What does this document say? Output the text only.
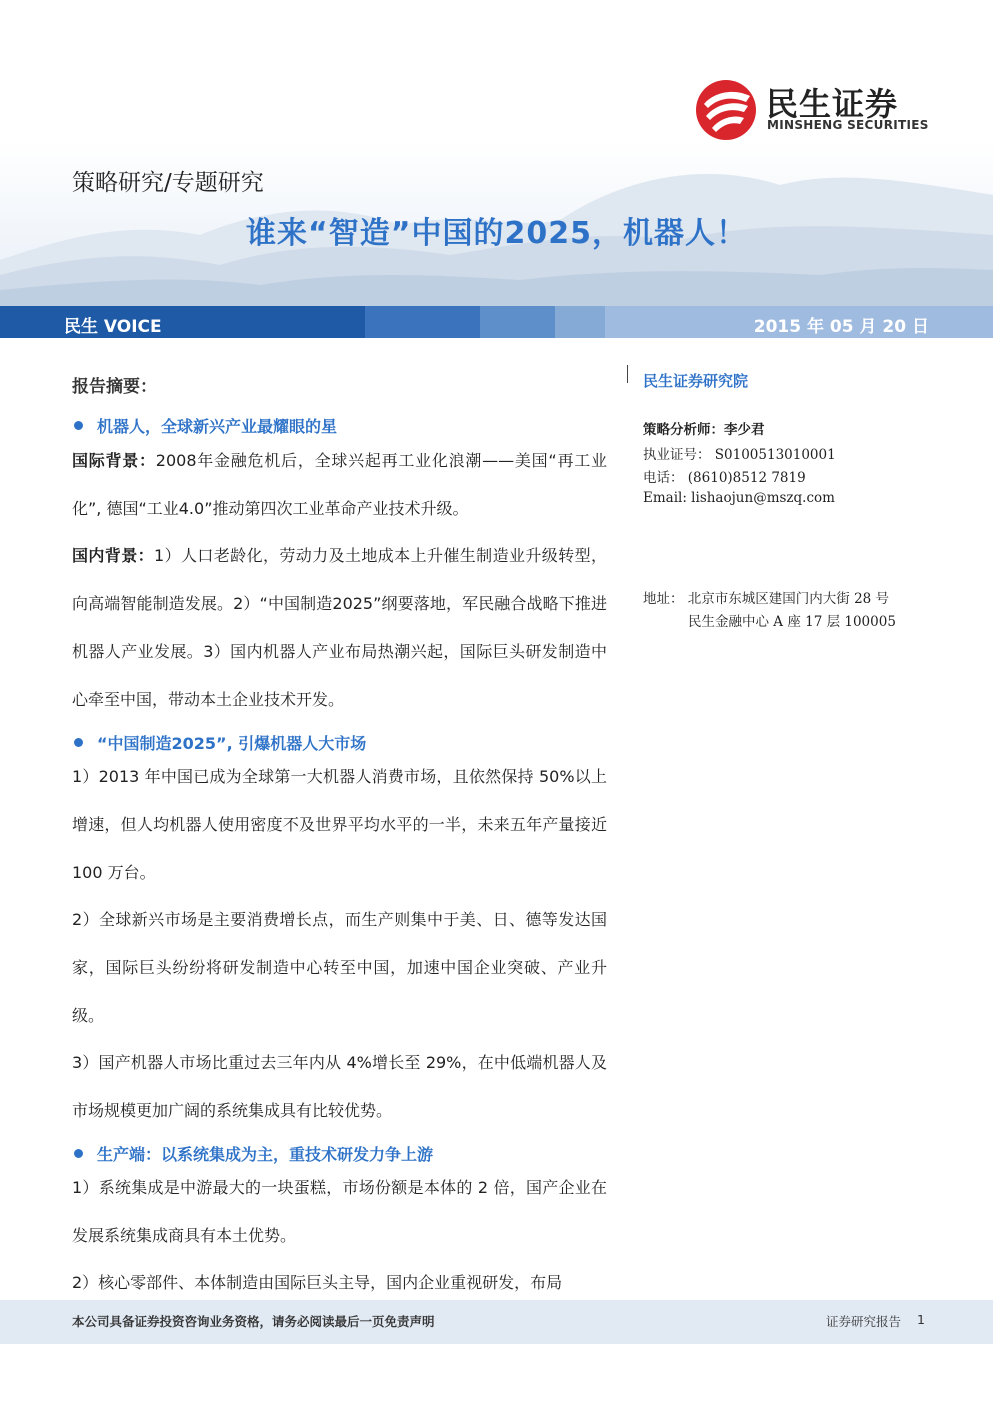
民生证券
MINSHENG SECURITIES
策略研究/专题研究
谁来“智造”中国的2025，机器人！
民生 VOICE	2015 年 05 月 20 日
报告摘要：
机器人，全球新兴产业最耀眼的星
国际背景：2008年金融危机后，全球兴起再工业化浪潮——美国“再工业化”, 德国“工业4.0”推动第四次工业革命产业技术升级。
国内背景：1）人口老龄化，劳动力及土地成本上升催生制造业升级转型，向高端智能制造发展。2）“中国制造2025”纲要落地，军民融合战略下推进机器人产业发展。3）国内机器人产业布局热潮兴起，国际巨头研发制造中心牵至中国，带动本土企业技术开发。
“中国制造2025”, 引爆机器人大市场
1）2013 年中国已成为全球第一大机器人消费市场，且依然保持 50%以上增速，但人均机器人使用密度不及世界平均水平的一半，未来五年产量接近 100 万台。
2）全球新兴市场是主要消费增长点，而生产则集中于美、日、德等发达国家，国际巨头纷纷将研发制造中心转至中国，加速中国企业突破、产业升级。
3）国产机器人市场比重过去三年内从 4%增长至 29%，在中低端机器人及市场规模更加广阔的系统集成具有比较优势。
生产端：以系统集成为主，重技术研发力争上游
1）系统集成是中游最大的一块蛋糕，市场份额是本体的 2 倍，国产企业在发展系统集成商具有本土优势。
2）核心零部件、本体制造由国际巨头主导，国内企业重视研发，布局
民生证券研究院
策略分析师：李少君
执业证号： S0100513010001
电话： (8610)8512 7819
Email: lishaojun@mszq.com
地址： 北京市东城区建国门内大街 28 号
民生金融中心 A 座 17 层 100005
本公司具备证券投资咨询业务资格，请务必阅读最后一页免责声明	证券研究报告 1
